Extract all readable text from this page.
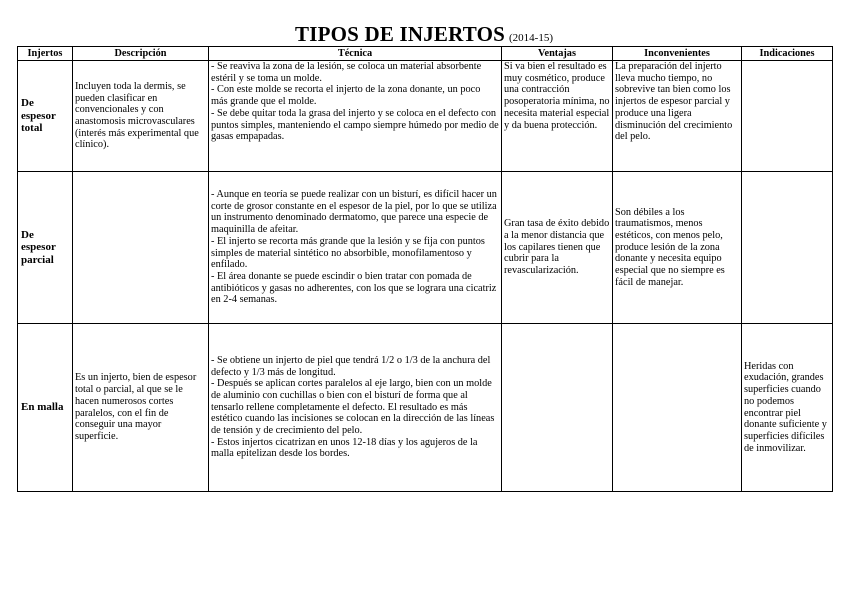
TIPOS DE INJERTOS (2014-15)
Injertos	Descripción	Técnica	Ventajas	Inconvenientes	Indicaciones
De espesor total	Incluyen toda la dermis, se pueden clasificar en convencionales y con anastomosis microvasculares (interés más experimental que clínico).	- Se reaviva la zona de la lesión, se coloca un material absorbente estéril y se toma un molde.
- Con este molde se recorta el injerto de la zona donante, un poco más grande que el molde.
- Se debe quitar toda la grasa del injerto y se coloca en el defecto con puntos simples, manteniendo el campo siempre húmedo por medio de gasas empapadas.	Si va bien el resultado es muy cosmético, produce una contracción posoperatoria mínima, no necesita material especial y da buena protección.	La preparación del injerto lleva mucho tiempo, no sobrevive tan bien como los injertos de espesor parcial y produce una ligera disminución del crecimiento del pelo.	
De espesor parcial		- Aunque en teoría se puede realizar con un bisturí, es difícil hacer un corte de grosor constante en el espesor de la piel, por lo que se utiliza un instrumento denominado dermatomo, que parece una especie de maquinilla de afeitar.
- El injerto se recorta más grande que la lesión y se fija con puntos simples de material sintético no absorbible, monofilamentoso y enfilado.
- El área donante se puede escindir o bien tratar con pomada de antibióticos y gasas no adherentes, con los que se lograra una cicatriz en 2-4 semanas.	Gran tasa de éxito debido a la menor distancia que los capilares tienen que cubrir para la revascularización.	Son débiles a los traumatismos, menos estéticos, con menos pelo, produce lesión de la zona donante y necesita equipo especial que no siempre es fácil de manejar.	
En malla	Es un injerto, bien de espesor total o parcial, al que se le hacen numerosos cortes paralelos, con el fin de conseguir una mayor superficie.	- Se obtiene un injerto de piel que tendrá 1/2 o 1/3 de la anchura del defecto y 1/3 más de longitud.
- Después se aplican cortes paralelos al eje largo, bien con un molde de aluminio con cuchillas o bien con el bisturí de forma que al tensarlo rellene completamente el defecto. El resultado es más estético cuando las incisiones se colocan en la dirección de las líneas de tensión y de crecimiento del pelo.
- Estos injertos cicatrizan en unos 12-18 días y los agujeros de la malla epitelizan desde los bordes.			Heridas con exudación, grandes superficies cuando no podemos encontrar piel donante suficiente y superficies difíciles de inmovilizar.
